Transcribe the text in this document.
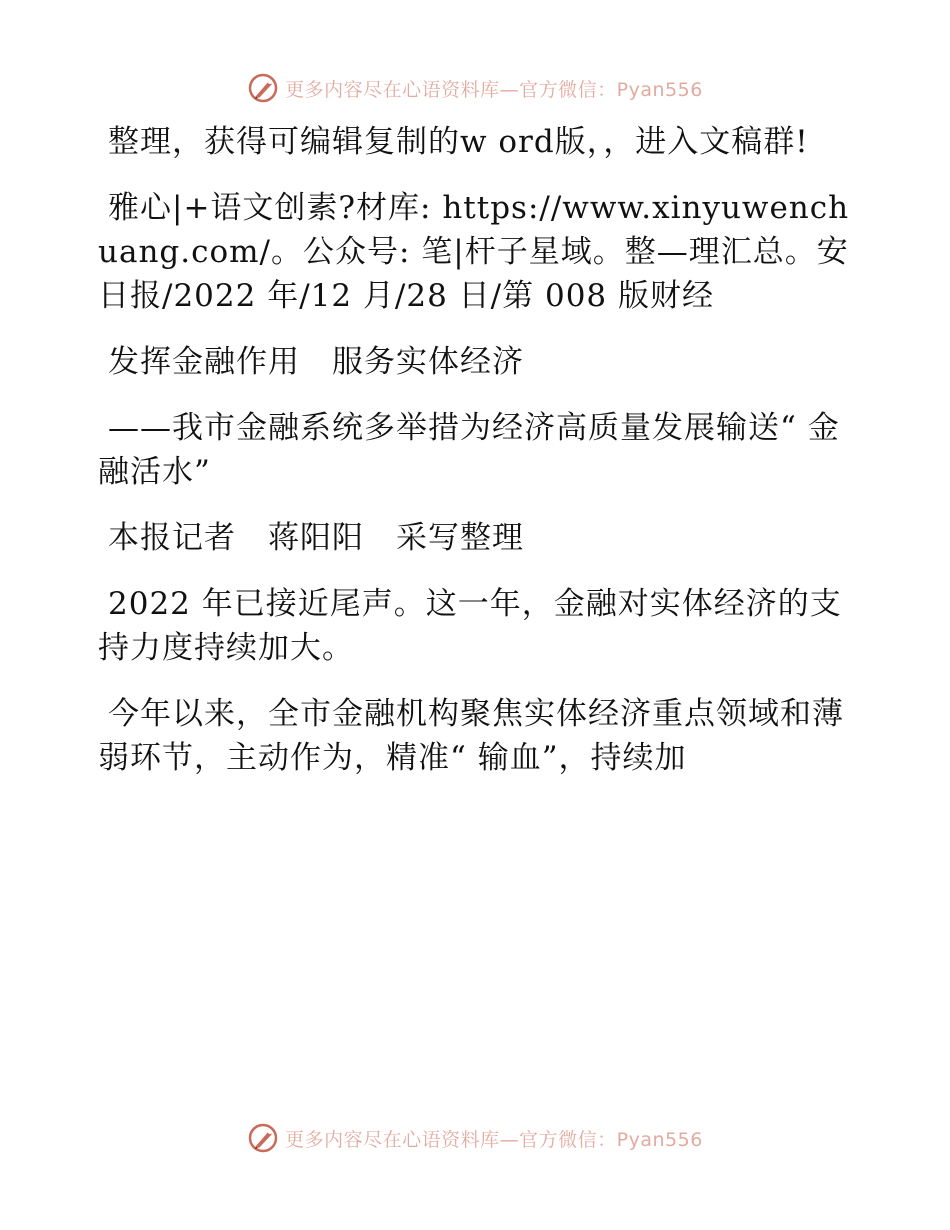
更多内容尽在心语资料库—官方微信：Pyan556

整理，获得可编辑复制的w ord版，，进入文稿群!

雅心|+语文创素?材库: https://www.xinyuwenchuang.com/。公众号: 笔|杆子星域。整—理汇总。安日报/2022 年/12 月/28 日/第 008 版财经

发挥金融作用　服务实体经济

——我市金融系统多举措为经济高质量发展输送“ 金融活水”

本报记者　蒋阳阳　采写整理

2022 年已接近尾声。这一年，金融对实体经济的支持力度持续加大。

今年以来，全市金融机构聚焦实体经济重点领域和薄弱环节，主动作为，精准“ 输血”，持续加

更多内容尽在心语资料库—官方微信：Pyan556
